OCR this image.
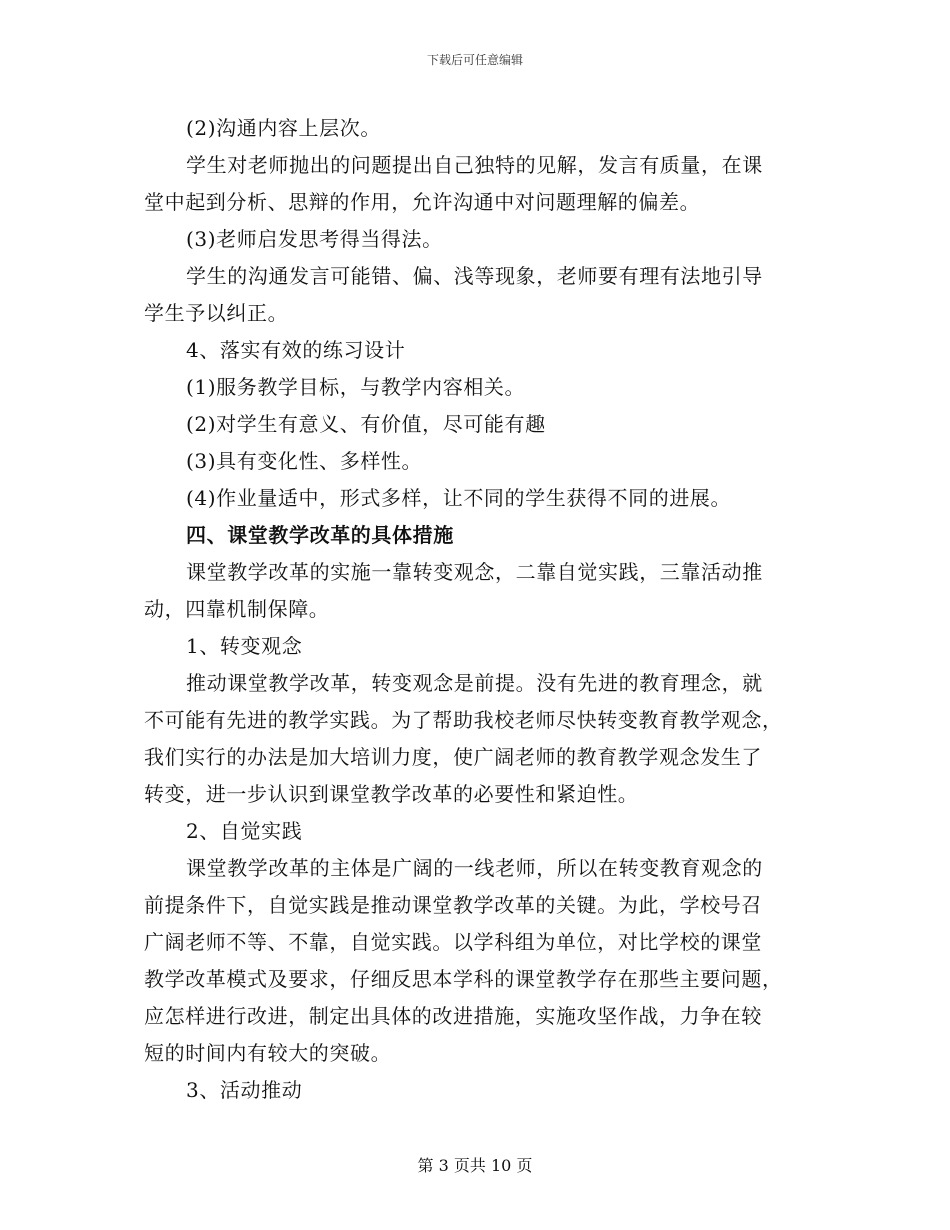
下载后可任意编辑
(2)沟通内容上层次。
学生对老师抛出的问题提出自己独特的见解，发言有质量，在课
堂中起到分析、思辩的作用，允许沟通中对问题理解的偏差。
(3)老师启发思考得当得法。
学生的沟通发言可能错、偏、浅等现象，老师要有理有法地引导
学生予以纠正。
4、落实有效的练习设计
(1)服务教学目标，与教学内容相关。
(2)对学生有意义、有价值，尽可能有趣
(3)具有变化性、多样性。
(4)作业量适中，形式多样，让不同的学生获得不同的进展。
四、课堂教学改革的具体措施
课堂教学改革的实施一靠转变观念，二靠自觉实践，三靠活动推
动，四靠机制保障。
1、转变观念
推动课堂教学改革，转变观念是前提。没有先进的教育理念，就
不可能有先进的教学实践。为了帮助我校老师尽快转变教育教学观念，
我们实行的办法是加大培训力度，使广阔老师的教育教学观念发生了
转变，进一步认识到课堂教学改革的必要性和紧迫性。
2、自觉实践
课堂教学改革的主体是广阔的一线老师，所以在转变教育观念的
前提条件下，自觉实践是推动课堂教学改革的关键。为此，学校号召
广阔老师不等、不靠，自觉实践。以学科组为单位，对比学校的课堂
教学改革模式及要求，仔细反思本学科的课堂教学存在那些主要问题，
应怎样进行改进，制定出具体的改进措施，实施攻坚作战，力争在较
短的时间内有较大的突破。
3、活动推动
第 3 页共 10 页
